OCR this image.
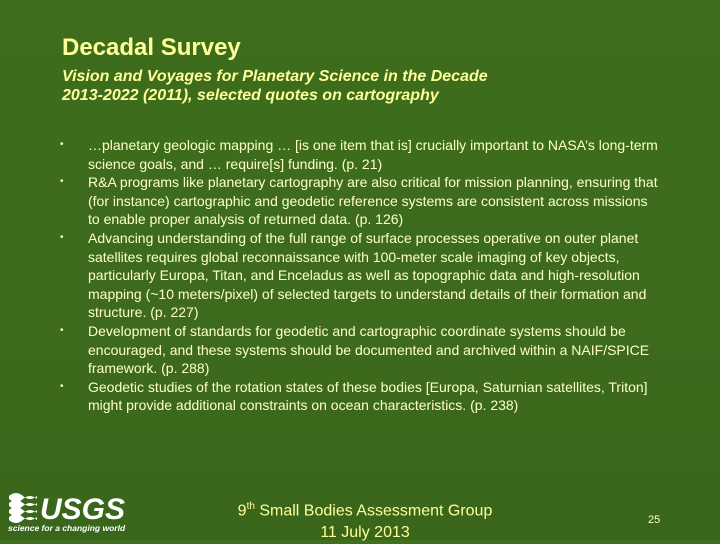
Decadal Survey

Vision and Voyages for Planetary Science in the Decade
2013-2022 (2011), selected quotes on cartography

• …planetary geologic mapping … [is one item that is] crucially important to NASA’s long-term science goals, and … require[s] funding. (p. 21)
• R&A programs like planetary cartography are also critical for mission planning, ensuring that (for instance) cartographic and geodetic reference systems are consistent across missions to enable proper analysis of returned data. (p. 126)
• Advancing understanding of the full range of surface processes operative on outer planet satellites requires global reconnaissance with 100-meter scale imaging of key objects, particularly Europa, Titan, and Enceladus as well as topographic data and high-resolution mapping (~10 meters/pixel) of selected targets to understand details of their formation and structure. (p. 227)
• Development of standards for geodetic and cartographic coordinate systems should be encouraged, and these systems should be documented and archived within a NAIF/SPICE framework. (p. 288)
• Geodetic studies of the rotation states of these bodies [Europa, Saturnian satellites, Triton] might provide additional constraints on ocean characteristics. (p. 238)
USGS
science for a changing world
9th Small Bodies Assessment Group
11 July 2013
25
